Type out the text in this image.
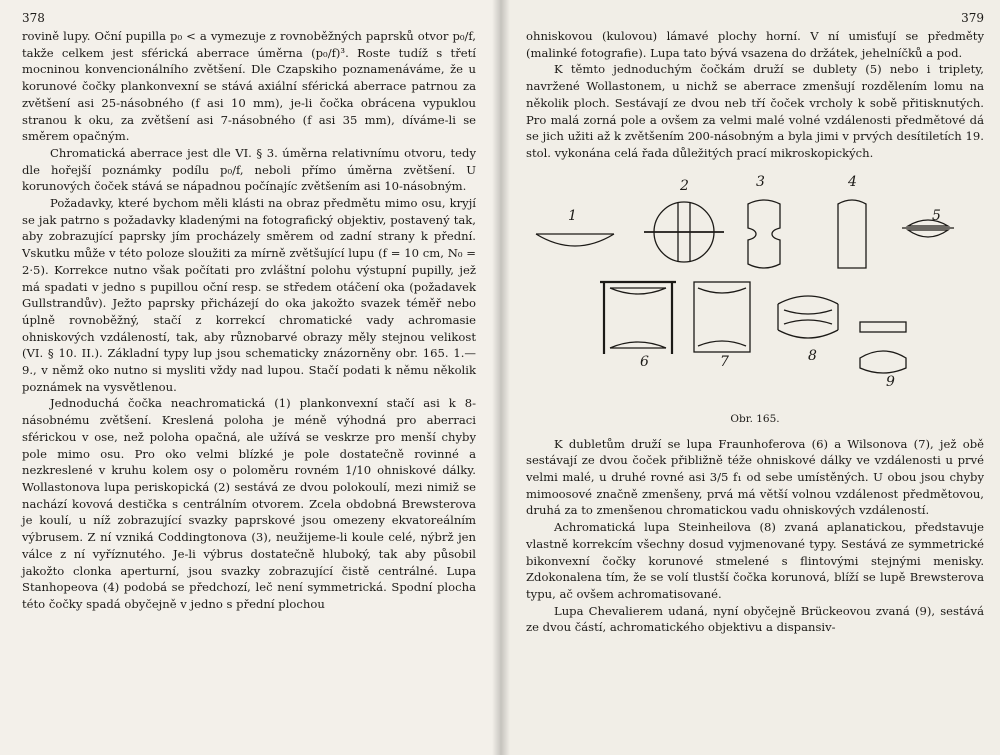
378

rovině lupy. Oční pupilla p₀ < a vymezuje z rovnoběžných paprsků otvor p₀/f, takže celkem jest sférická aberrace úměrna (p₀/f)³. Roste tudíž s třetí mocninou konvencionálního zvětšení. Dle Czapskiho poznamenáváme, že u korunové čočky plankonvexní se stává axiální sférická aberrace patrnou za zvětšení asi 25-násobného (f asi 10 mm), je-li čočka obrácena vypuklou stranou k oku, za zvětšení asi 7-násobného (f asi 35 mm), díváme-li se směrem opačným.

Chromatická aberrace jest dle VI. § 3. úměrna relativnímu otvoru, tedy dle hořejší poznámky podílu p₀/f, neboli přímo úměrna zvětšení. U korunových čoček stává se nápadnou počínajíc zvětšením asi 10-násobným.

Požadavky, které bychom měli klásti na obraz předmětu mimo osu, kryjí se jak patrno s požadavky kladenými na fotografický objektiv, postavený tak, aby zobrazující paprsky jím procházely směrem od zadní strany k přední. Vskutku může v této poloze sloužiti za mírně zvětšující lupu (f = 10 cm, N₀ = 2·5). Korrekce nutno však počítati pro zvláštní polohu výstupní pupilly, jež má spadati v jedno s pupillou oční resp. se středem otáčení oka (požadavek Gullstrandův). Ježto paprsky přicházejí do oka jakožto svazek téměř nebo úplně rovnoběžný, stačí z korrekcí chromatické vady achromasie ohniskových vzdáleností, tak, aby různobarvé obrazy měly stejnou velikost (VI. § 10. II.). Základní typy lup jsou schematicky znázorněny obr. 165. 1.—9., v němž oko nutno si mysliti vždy nad lupou. Stačí podati k němu několik poznámek na vysvětlenou.

Jednoduchá čočka neachromatická (1) plankonvexní stačí asi k 8-násobnému zvětšení. Kreslená poloha je méně výhodná pro aberraci sférickou v ose, než poloha opačná, ale užívá se veskrze pro menší chyby pole mimo osu. Pro oko velmi blízké je pole dostatečně rovinné a nezkreslené v kruhu kolem osy o poloměru rovném 1/10 ohniskové dálky. Wollastonova lupa periskopická (2) sestává ze dvou polokoulí, mezi nimiž se nachází kovová destička s centrálním otvorem. Zcela obdobná Brewsterova je koulí, u níž zobrazující svazky paprskové jsou omezeny ekvatoreálním výbrusem. Z ní vzniká Coddingtonova (3), neužijeme-li koule celé, nýbrž jen válce z ní vyříznutého. Je-li výbrus dostatečně hluboký, tak aby působil jakožto clonka aperturní, jsou svazky zobrazující čistě centrálné. Lupa Stanhopeova (4) podobá se předchozí, leč není symmetrická. Spodní plocha této čočky spadá obyčejně v jedno s přední plochou

379

ohniskovou (kulovou) lámavé plochy horní. V ní umisťují se předměty (malinké fotografie). Lupa tato bývá vsazena do držátek, jehelníčků a pod.

K těmto jednoduchým čočkám druží se dublety (5) nebo i triplety, navržené Wollastonem, u nichž se aberrace zmenšují rozdělením lomu na několik ploch. Sestávají ze dvou neb tří čoček vrcholy k sobě přitisknutých. Pro malá zorná pole a ovšem za velmi malé volné vzdálenosti předmětové dá se jich užiti až k zvětšením 200-násobným a byla jimi v prvých desítiletích 19. stol. vykonána celá řada důležitých prací mikroskopických.

1
2	3	4
5
6	7	8
9
Obr. 165.

K dubletům druží se lupa Fraunhoferova (6) a Wilsonova (7), jež obě sestávají ze dvou čoček přibližně téže ohniskové dálky ve vzdálenosti u prvé velmi malé, u druhé rovné asi 3/5 f₁ od sebe umístěných. U obou jsou chyby mimoosové značně zmenšeny, prvá má větší volnou vzdálenost předmětovou, druhá za to zmenšenou chromatickou vadu ohniskových vzdáleností.

Achromatická lupa Steinheilova (8) zvaná aplanatickou, představuje vlastně korrekcím všechny dosud vyjmenované typy. Sestává ze symmetrické bikonvexní čočky korunové stmelené s flintovými stejnými menisky. Zdokonalena tím, že se volí tlustší čočka korunová, blíží se lupě Brewsterova typu, ač ovšem achromatisované.

Lupa Chevalierem udaná, nyní obyčejně Brückeovou zvaná (9), sestává ze dvou částí, achromatického objektivu a dispansiv-
